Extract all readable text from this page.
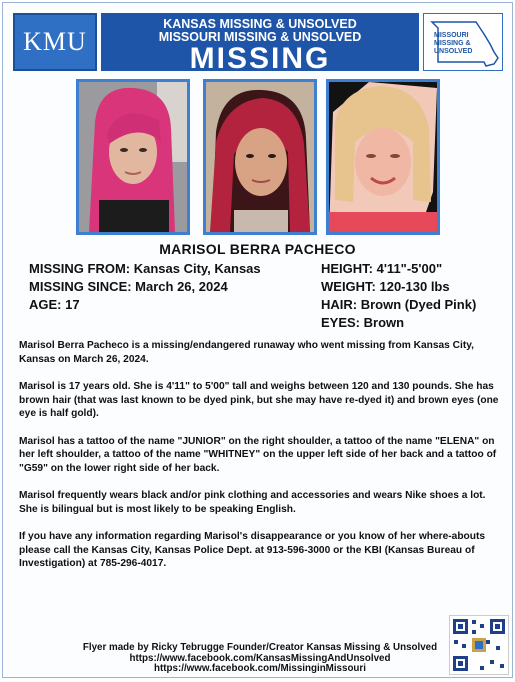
KMU
KANSAS MISSING & UNSOLVED
MISSOURI MISSING & UNSOLVED
MISSING
MISSOURI
MISSING &
UNSOLVED
MARISOL BERRA PACHECO
MISSING FROM: Kansas City, Kansas
MISSING SINCE: March 26, 2024
AGE: 17
HEIGHT: 4'11"-5'00"
WEIGHT: 120-130 lbs
HAIR: Brown (Dyed Pink)
EYES: Brown

Marisol Berra Pacheco is a missing/endangered runaway who went missing from Kansas City, Kansas on March 26, 2024.

Marisol is 17 years old. She is 4'11" to 5'00" tall and weighs between 120 and 130 pounds. She has brown hair (that was last known to be dyed pink, but she may have re-dyed it) and brown eyes (one eye is half gold).

Marisol has a tattoo of the name "JUNIOR" on the right shoulder, a tattoo of the name "ELENA" on her left shoulder, a tattoo of the name "WHITNEY" on the upper left side of her back and a tattoo of "G59" on the lower right side of her back.

Marisol frequently wears black and/or pink clothing and accessories and wears Nike shoes a lot. She is bilingual but is most likely to be speaking English.

If you have any information regarding Marisol's disappearance or you know of her where-abouts please call the Kansas City, Kansas Police Dept. at 913-596-3000 or the KBI (Kansas Bureau of Investigation) at 785-296-4017.

Flyer made by Ricky Tebrugge Founder/Creator Kansas Missing & Unsolved
https://www.facebook.com/KansasMissingAndUnsolved
https://www.facebook.com/MissinginMissouri
